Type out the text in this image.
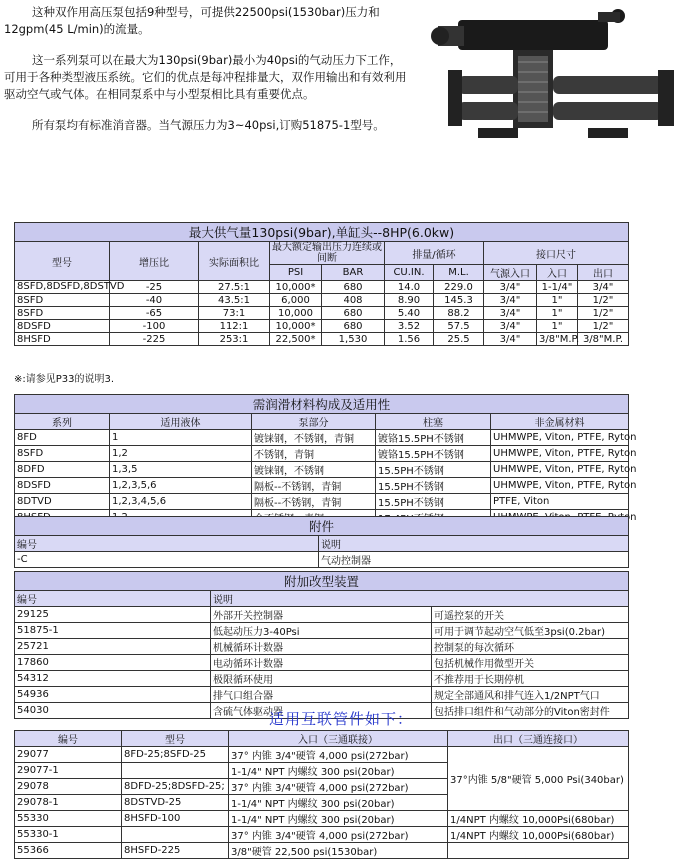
这种双作用高压泵包括9种型号，可提供22500psi(1530bar)压力和12gpm(45 L/min)的流量。

这一系列泵可以在最大为130psi(9bar)最小为40psi的气动压力下工作，可用于各种类型液压系统。它们的优点是每冲程排量大，双作用输出和有效利用驱动空气或气体。在相同泵系中与小型泵相比具有重要优点。

所有泵均有标准消音器。当气源压力为3~40psi,订购51875-1型号。

最大供气量130psi(9bar),单缸头--8HP(6.0kw)									
型号	增压比	实际面积比	最大额定输出压力连续或间断		排量/循环		接口尺寸		
			PSI	BAR	CU.IN.	M.L.	气源入口	入口	出口
8SFD,8DSFD,8DSTVD	-25	27.5:1	10,000*	680	14.0	229.0	3/4"	1-1/4"	3/4"
8SFD	-40	43.5:1	6,000	408	8.90	145.3	3/4"	1"	1/2"
8SFD	-65	73:1	10,000	680	5.40	88.2	3/4"	1"	1/2"
8DSFD	-100	112:1	10,000*	680	3.52	57.5	3/4"	1"	1/2"
8HSFD	-225	253:1	22,500*	1,530	1.56	25.5	3/4"	3/8"M.P.	3/8"M.P.
※:请参见P33的说明3.
需润滑材料构成及适用性				
系列	适用液体	泵部分	柱塞	非金属材料
8FD	1	镀铼钢，不锈钢，青铜	镀铬15.5PH不锈钢	UHMWPE, Viton, PTFE, Ryton
8SFD	1,2	不锈钢，青铜	镀铬15.5PH不锈钢	UHMWPE, Viton, PTFE, Ryton
8DFD	1,3,5	镀铼钢，不锈钢	15.5PH不锈钢	UHMWPE, Viton, PTFE, Ryton
8DSFD	1,2,3,5,6	隔板--不锈钢，青铜	15.5PH不锈钢	UHMWPE, Viton, PTFE, Ryton
8DTVD	1,2,3,4,5,6	隔板--不锈钢，青铜	15.5PH不锈钢	PTFE, Viton
8HSFD	1,2	全不锈钢，青铜	17.4PH不锈钢	UHMWPE, Viton, PTFE, Ryton
附件	
编号	说明
-C	气动控制器
附加改型装置		
编号	说明	
29125	外部开关控制器	可遥控泵的开关
51875-1	低起动压力3-40Psi	可用于调节起动空气低至3psi(0.2bar)
25721	机械循环计数器	控制泵的每次循环
17860	电动循环计数器	包括机械作用微型开关
54312	极限循环使用	不推荐用于长期停机
54936	排气口组合器	规定全部通风和排气连入1/2NPT气口
54030	含硫气体驱动器	包括排口组件和气动部分的Viton密封件
适用互联管件如下：
编号	型号	入口（三通联接）	出口（三通连接口）
29077	8FD-25;8SFD-25	37° 内锥 3/4"硬管 4,000 psi(272bar)	37°内锥 5/8"硬管 5,000 Psi(340bar)
29077-1		1-1/4" NPT 内螺纹 300 psi(20bar)	
29078	8DFD-25;8DSFD-25;	37° 内锥 3/4"硬管 4,000 psi(272bar)	
29078-1	8DSTVD-25	1-1/4" NPT 内螺纹 300 psi(20bar)	
55330	8HSFD-100	1-1/4" NPT 内螺纹 300 psi(20bar)	1/4NPT 内螺纹 10,000Psi(680bar)
55330-1		37° 内锥 3/4"硬管 4,000 psi(272bar)	1/4NPT 内螺纹 10,000Psi(680bar)
55366	8HSFD-225	3/8"硬管 22,500 psi(1530bar)	
